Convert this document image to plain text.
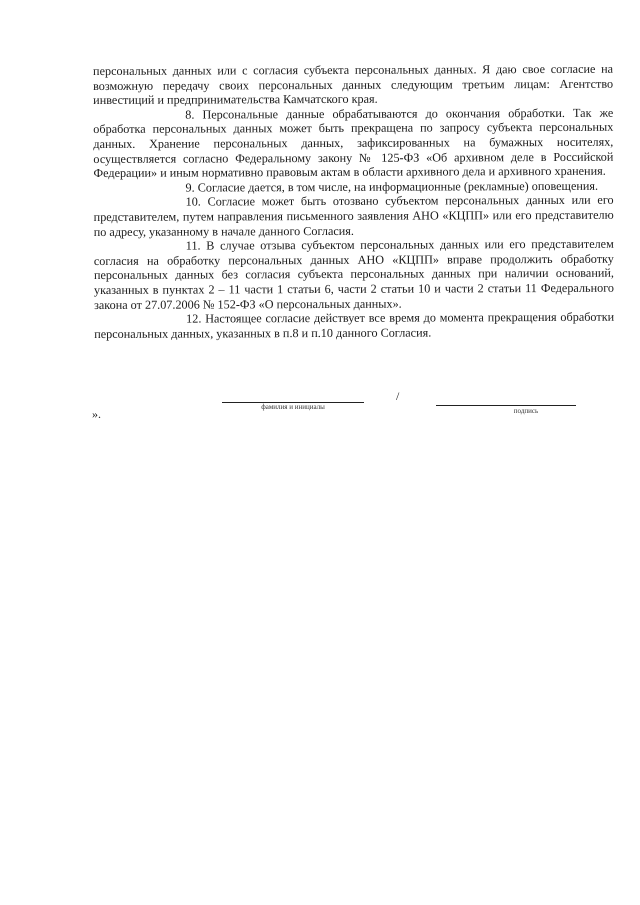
персональных данных или с согласия субъекта персональных данных. Я даю свое согласие на возможную передачу своих персональных данных следующим третьим лицам: Агентство инвестиций и предпринимательства Камчатского края.

8. Персональные данные обрабатываются до окончания обработки. Так же обработка персональных данных может быть прекращена по запросу субъекта персональных данных. Хранение персональных данных, зафиксированных на бумажных носителях, осуществляется согласно Федеральному закону № 125-ФЗ «Об архивном деле в Российской Федерации» и иным нормативно правовым актам в области архивного дела и архивного хранения.

9. Согласие дается, в том числе, на информационные (рекламные) оповещения.

10. Согласие может быть отозвано субъектом персональных данных или его представителем, путем направления письменного заявления АНО «КЦПП» или его представителю по адресу, указанному в начале данного Согласия.

11. В случае отзыва субъектом персональных данных или его представителем согласия на обработку персональных данных АНО «КЦПП» вправе продолжить обработку персональных данных без согласия субъекта персональных данных при наличии оснований, указанных в пунктах 2 – 11 части 1 статьи 6, части 2 статьи 10 и части 2 статьи 11 Федерального закона от 27.07.2006 № 152-ФЗ «О персональных данных».

12. Настоящее согласие действует все время до момента прекращения обработки персональных данных, указанных в п.8 и п.10 данного Согласия.

фамилия и инициалы
/
подпись
».
